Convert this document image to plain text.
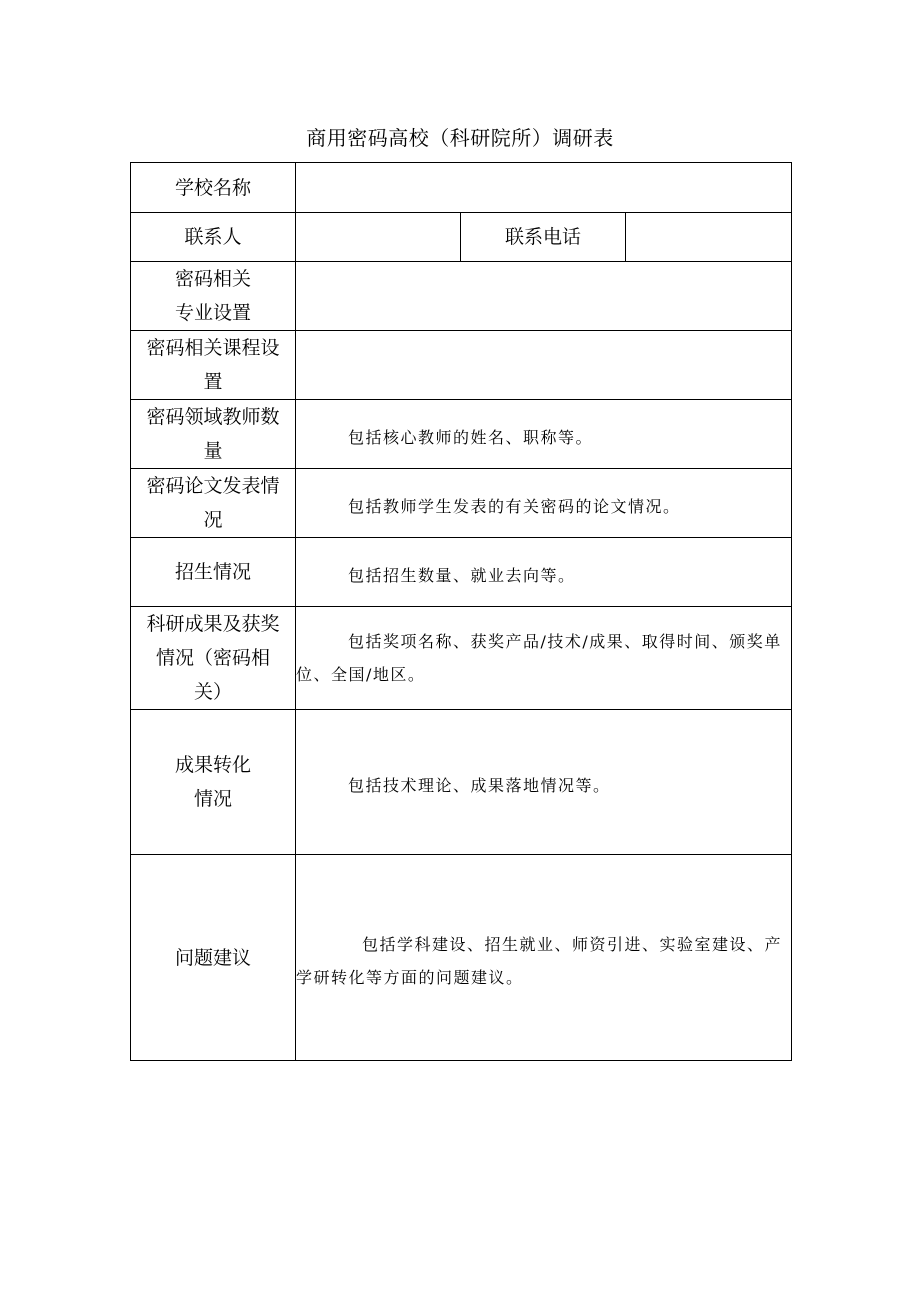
商用密码高校（科研院所）调研表
学校名称			
联系人		联系电话	

密码相关
专业设置			

密码相关课程设
置			

密码领域教师数
量	包括核心教师的姓名、职称等。		

密码论文发表情
况	包括教师学生发表的有关密码的论文情况。		

招生情况	包括招生数量、就业去向等。		

科研成果及获奖
情况（密码相
关）	包括奖项名称、获奖产品/技术/成果、取得时间、颁奖单位、全国/地区。		

成果转化
情况	包括技术理论、成果落地情况等。		

问题建议	包括学科建设、招生就业、师资引进、实验室建设、产学研转化等方面的问题建议。		
